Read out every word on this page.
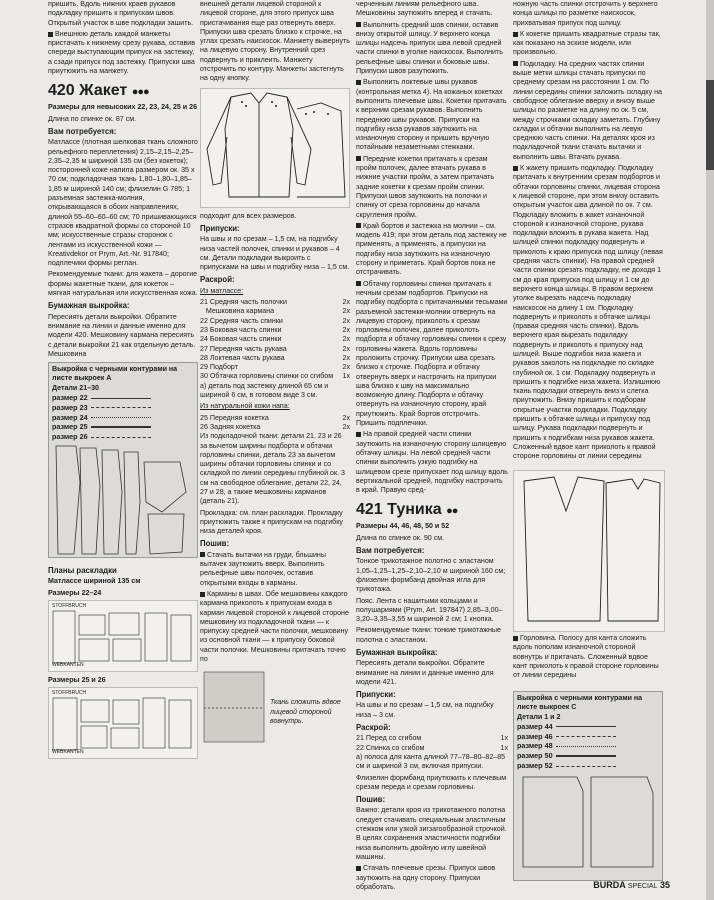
пришить. Вдоль нижних краев рукавов подкладку пришить к припускам швов. Открытый участок в шве подкладки зашить.

Внешнюю деталь каждой манжеты пристачать к нижнему срезу рукава, оставив спереди выступающим припуск на застежку, а сзади припуск под застежку. Припуски шва приутюжить на манжету.

420 Жакет ●●●

Размеры для невысоких 22, 23, 24, 25 и 26

Длина по спинке ок. 87 см.

Вам потребуется:

Матлассе (плотная шелковая ткань сложного рельефного переплетения) 2,15–2,15–2,25–2,35–2,35 м шириной 135 см (без кокеток); посторонней коже напила размером ок. 35 х 70 см; подкладочная ткань 1,80–1,80–1,85–1,85 м шириной 140 см; флизелин G 785; 1 разъемная застежка-молния, открывающаяся в обоих направлениях, длиной 55–60–60–60 см; 70 пришивающихся стразов квадратной формы со стороной 10 мм; искусственные стразы сторонок с лентами из искусственной кожи — Kreativdekor от Prym, Art.-Nr. 917840; подплечики формы реглан.

Рекомендуемые ткани: для жакета – дорогие формы жакетные ткани, для кокеток – мягкая натуральная или искусственная кожа.

Бумажная выкройка:

Пересиять детали выкройки. Обратите внимание на линии и данные именно для модели 420. Мешковину кармана пересиять с детали выкройки 21 как отдельную деталь. Мешковина

Выкройка с черными контурами на листе выкроек А
Детали 21–30
размер 22
размер 23
размер 24
размер 25
размер 26

Планы раскладки

Матлассе шириной 135 см

Размеры 22–24

STOFFBRUCH
WEBKANTEN

Размеры 25 и 26

STOFFBRUCH
WEBKANTEN

внешней детали лицевой стороной к лицевой стороне, для этого припуск шва пристачивания еще раз отвернуть вверх. Припуски шва срезать близко к строчке, на углах срезать наискосок. Манжету вывернуть на лицевую сторону. Внутренний срез подвернуть и приклеить. Манжету отстрочить по контуру. Манжеты застегнуть на одну кнопку.

подходит для всех размеров.

Припуски:

На швы и по срезам – 1,5 см, на подгибку низа частей полочек, спинки и рукавов – 4 см. Детали подкладки выкроить с припусками на швы и подгибку низа – 1,5 см.

Раскрой:

Из матлассе:

21 Средняя часть полочки	2x
Мешковина кармана	2x
22 Средняя часть спинки	2x
23 Боковая часть спинки	2x
24 Боковая часть спинки	2x
27 Передняя часть рукава	2x
28 Локтевая часть рукава	2x
29 Подборт	2x
30 Обтачка горловины спинки со сгибом 1x

а) деталь под застежку длиной 65 см и шириной 6 см, в готовом виде 3 см.

Из натуральной кожи напа:

25 Передняя кокетка	2x
26 Задняя кокетка	2x

Из подкладочной ткани: детали 21, 23 и 26 за вычетом ширины подборта и обтачки горловины спинки, деталь 23 за вычетом ширины обтачки горловины спинки и со складкой по линии середины глубиной ок. 3 см на свободное облегание, детали 22, 24, 27 и 28, а также мешковины карманов (деталь 21).

Прокладка: см. план раскладки. Прокладку приутюжить также к припускам на подгибку низа деталей кроя.

Пошив:

Стачать вытачки на груди, бльшины вытачек заутюжить вверх. Выполнить рельефные швы полочек, оставив открытыми входы в карманы.

Карманы в швах. Обе мешковины каждого кармана приколоть к припускам входа в карман лицевой стороной к лицевой стороне мешковину из подкладочной ткани — к припуску средней части полочки, мешковину из основной ткани — к припуску боковой части полочки. Мешковины притачать точно по

Ткань сложить вдвое лицевой стороной вовнутрь.

черченным линиям рельефного шва. Мешковины заутюжить вперед и стачать.

Выполнить средний шов спинки, оставив внизу открытой шлицу. У верхнего конца шлицы надсечь припуск шва левой средней части спинки в уголке наискосок. Выполнить рельефные швы спинки и боковые швы. Припуски швов разутюжить.

Выполнить локтевые швы рукавов (контрольная метка 4). На кожаных кокетках выполнить плечевые швы. Кокетки притачать к верхним срезам рукавов. Выполнить переднюю швы рукавов. Припуски на подгибку низа рукавов заутюжить на изнаночную сторону и пришить вручную потайными незаметными стежками.

Передние кокетки притачать к срезам пройм полочек, далее втачать рукава в нижние участки пройм, а затем притачать задние кокетки к срезам пройм спинки. Припуски швов заутюжить на полочки и спинку от среза горловины до начала скругления пройм.

Край бортов и застежка на молнии – см. модель 419; при этом деталь под застежку не применять, а применять, а припуски на подгибку низа заутюжить на изнаночную сторону и приметать. Край бортов пока не отстрачивать.

Обтачку горловины спинки притачать к нечным срезам подбортов. Припуски на подгибку подборта с притачанными тесьмами разъемной застежки-молнии отвернуть на лицевую сторону, приколоть к срезам горловины полочек, далее приколоть подборта и обтачку горловины спинки к срезу горловины жакета. Вдоль горловины проложить строчку. Припуски шва срезать близко к строчке. Подборта и обтачку отвернуть вверх и настрочить на припуски шва близко к шву на максимально возможную длину. Подборта и обтачку отвернуть на изнаночную сторону, край приутюжить. Край бортов отстрочить. Пришить подплечики.

На правой средней части спинки заутюжить на изнаночную сторону шлицевую обтачку шлицы. На левой средней части спинки выполнить узкую подгибку на шлицевом срезе припускает под шлицу вдоль вертикальной средней, подгибку настрочить в край. Правую сред-

421 Туника ●●

Размеры 44, 46, 48, 50 и 52

Длина по спинке ок. 90 см.

Вам потребуется:

Тонкое трикотажное полотно с эластаном 1,05–1,25–1,25–2,10–2,10 м шириной 160 см; флизелин формбанд двойная игла для трикотажа.

Пояс. Лента с нашитыми кольцами и полушариями (Prym, Art. 197847) 2,85–3,00–3,20–3,35–3,55 м шириной 2 см; 1 кнопка.

Рекомендуемые ткани: тонкие трикотажные полотна с эластаном.

Бумажная выкройка:

Пересиять детали выкройки. Обратите внимание на линии и данные именно для модели 421.

Припуски:

На швы и по срезам – 1,5 см, на подгибку низа – 3 см.

Раскрой:

21 Перед со сгибом	1x
22 Спинка со сгибом	1x

а) полоса для канта длиной 77–78–80–82–85 см и шириной 3 см, включая припуски.

Флизелин формбанд приутюжить к плечевым срезам переда и срезам горловины.

Пошив:

Важно: детали кроя из трикотажного полотна следует стачивать специальным эластичным стежком или узкой зигзагообразной строчкой. В целях сохранения эластичности подгибки низа выполнить двойную иглу швейной машины.

Стачать плечевые срезы. Припуск швов заутюжить на одну сторону. Припуски обработать.

ножную часть спинки отстрочить у верхнего конца шлицы по разметке наискосок, прихватывая припуск под шлицу.

К кокетке пришить квадратные стразы так, как показано на эскизе модели, или произвольно.

Подкладку. На средних частях спинки выше метки шлицы стачать припуски по среднему срезам на расстоянии 1 см. По линии середины спинки заложить складку на свободное облегание вверху и внизу выше шлицы по разметке на длину по ок. 5 см, между строчками складку заметать. Глубину складки и обтачки выполнить на левую среднюю часть спинки. На деталях кроя из подкладочной ткани стачать вытачки и выполнить швы. Втачать рукава.

К жакету пришить подкладку. Подкладку притачать к внутренним срезам подбортов и обтачки горловины спинки, лицевая сторона к лицевой стороне, при этом внизу оставить открытым участок шва длиной по ок. 7 см. Подкладку вложить в жакет изнаночной стороной к изнаночной стороне, рукава подкладки вложить в рукава жакета. Над шлицей спинки подкладку подвернуть и приколоть к краю припуска под шлицу (левая средняя часть спинки). На правой средней части спинки срезать подкладку, не доходя 1 см до края припуска под шлицу и 1 см до верхнего конца шлицы. В правом верхнем уголке вырезать надсечь подкладку наискосок на длину 1 см. Подкладку подвернуть и приколоть к обтачке шлицы (правая средняя часть спинки). Вдоль верхнего края вырезать подкладку подвернуть и приколоть к припуску над шлицей. Выше подгибок низа жакета и рукавов заколоть на подкладке по складке глубиной ок. 1 см. Подкладку подвернуть и пришить к подгибке низа жакета. Излишнюю ткань подкладки отвернуть вниз и слегка приутюжить. Внизу пришить к подборам открытые участки подкладки. Подкладку пришить к обтачке шлицы и припуску под шлицу. Рукава подкладки подвернуть и пришить к подгибкам низа рукавов жакета. Сложенный вдвое кант приколоть к правой стороне горловины от линии середины

Горловина. Полосу для канта сложить вдоль пополам изнаночной стороной вовнутрь и притачать. Сложенный вдвое кант приколоть к правой стороне горловины от линии середины

Выкройка с черными контурами на листе выкроек С
Детали 1 и 2
размер 44
размер 46
размер 48
размер 50
размер 52
BURDA SPECIAL 35
